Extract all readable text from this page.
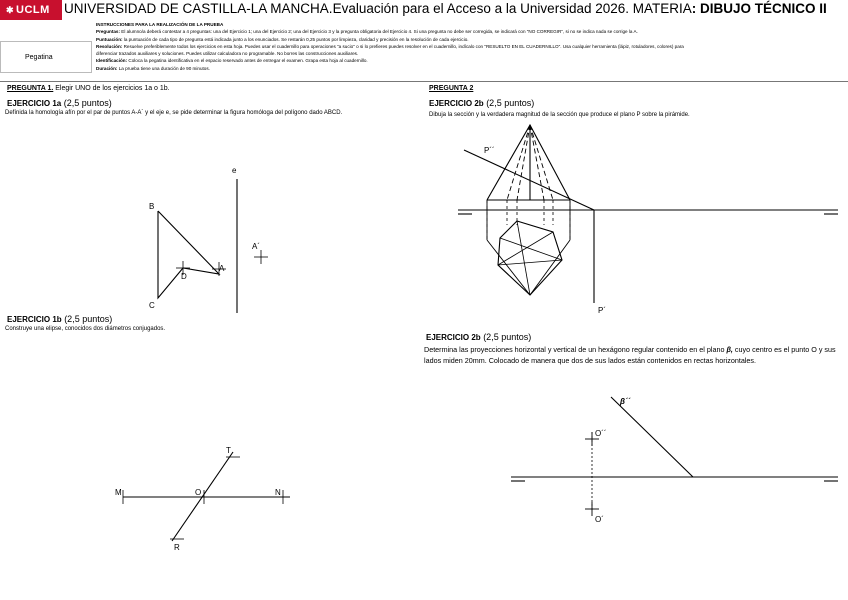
✱ UCLM UNIVERSIDAD DE CASTILLA-LA MANCHA.Evaluación para el Acceso a la Universidad 2026. MATERIA: DIBUJO TÉCNICO II
Pegatina

INSTRUCCIONES PARA LA REALIZACIÓN DE LA PRUEBA

Preguntas: El alumno/a deberá contestar a 4 preguntas: una del Ejercicio 1; una del Ejercicio 2; una del Ejercicio 3 y la pregunta obligatoria del Ejercicio 4. Si una pregunta no debe ser corregida, se indicará con "NO CORREGIR", si no se indica nada se corrige la A.

Puntuación: la puntuación de cada tipo de pregunta está indicada junto a los enunciados. Se restarán 0,25 puntos por limpieza, claridad y precisión en la resolución de cada ejercicio.

Resolución: Resuelve preferiblemente todos los ejercicios en esta hoja. Puedes usar el cuadernillo para operaciones "a sucio" o si lo prefieres puedes resolver en el cuadernillo, indícalo con "RESUELTO EN EL CUADERNILLO". Usa cualquier herramienta (lápiz, rotuladores, colores) para

diferenciar trazados auxiliares y soluciones. Puedes utilizar calculadora no programable. No borres las construcciones auxiliares.

Identificación: Coloca la pegatina identificativa en el espacio reservado antes de entregar el examen. Grapa esta hoja al cuadernillo.

Duración: La prueba tiene una duración de 90 minutos.

PREGUNTA 1. Elegir UNO de los ejercicios 1a o 1b.
EJERCICIO 1a (2,5 puntos)
Defínida la homología afín por el par de puntos A-A´ y el eje e, se pide determinar la figura homóloga del polígono dado ABCD.
EJERCICIO 1b (2,5 puntos)
Construye una elipse, conocidos dos diámetros conjugados.
PREGUNTA 2
EJERCICIO 2b (2,5 puntos)
Dibuja la sección y la verdadera magnitud de la sección que produce el plano P sobre la pirámide.
EJERCICIO 2b (2,5 puntos)
Determina las proyecciones horizontal y vertical de un hexágono regular contenido en el plano β, cuyo centro es el punto O y sus lados miden 20mm. Colocado de manera que dos de sus lados están contenidos en rectas horizontales.
e
B
A
D
C
A´
T
M	O	N
R
P´´
P´
β´´
O´´
O´
